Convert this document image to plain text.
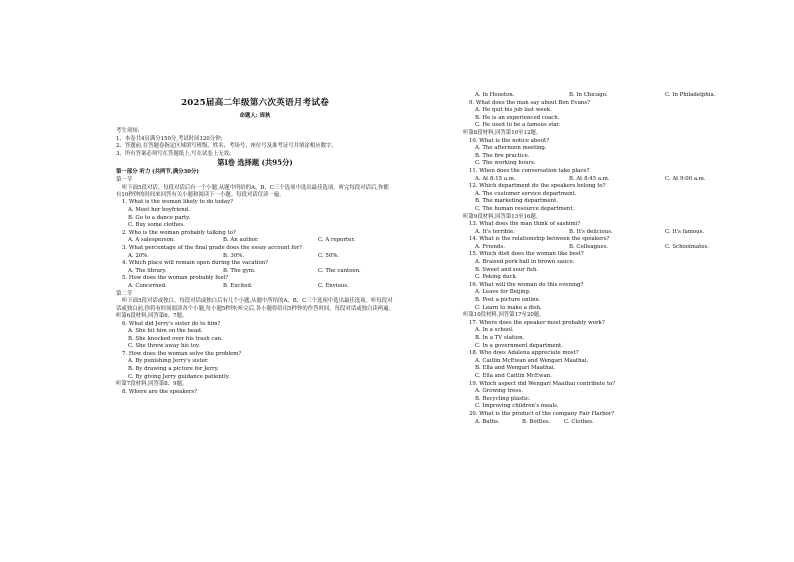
2025届高二年级第六次英语月考试卷
命题人: 周秋
考生须知:
1、本卷共4页满分150分,考试时间120分钟;
2、答题前,在答题卷指定区域填写班级、姓名、考场号、座位号及准考证号并填涂相应数字。
3、所有答案必须写在答题纸上,写在试卷上无效;
第Ⅰ卷 选择题 (共95分)
第一部分 听力 (共两节,满分30分)
第一节
听下面5段对话。每段对话后有一个小题,从题中所给的A、B、C三个选项中选出最佳选项。听完每段对话后,你都有10秒钟的时间来回答有关小题和阅读下一小题。每段对话仅读一遍。
1. What is the woman likely to do today?
A. Meet her boyfriend.
B. Go to a dance party.
C. Buy some clothes.
2. Who is the woman probably talking to?
A. A salesperson.	B. An author.	C. A reporter.
3. What percentage of the final grade does the essay account for?
A. 20%.	B. 30%.	C. 50%.
4. Which place will remain open during the vacation?
A. The library.	B. The gym.	C. The canteen.
5. How does the woman probably feel?
A. Concerned.	B. Excited.	C. Envious.
第二节
听下面5段对话或独白。每段对话或独白后有几个小题,从题中所给的A、B、C三个选项中选出最佳选项。听每段对话或独白前,你将有时间阅读各个小题,每小题5秒钟;听完后,各小题将给出5秒钟的作答时间。每段对话或独白读两遍。
听第6段材料,回答第6、7题。
6. What did Jerry's sister do to him?
A. She hit him on the head.
B. She knocked over his trash can.
C. She threw away his toy.
7. How does the woman solve the problem?
A. By punishing Jerry's sister.
B. By drawing a picture for Jerry.
C. By giving Jerry guidance patiently.
听第7段材料,回答第8、9题。
8. Where are the speakers?
A. In Houston.	B. In Chicago.	C. In Philadelphia.
9. What does the man say about Ben Evans?
A. He quit his job last week.
B. He is an experienced coach.
C. He used to be a famous star.
听第8段材料,回答第10至12题。
10. What is the notice about?
A. The afternoon meeting.
B. The fire practice.
C. The working hours.
11. When does the conversation take place?
A. At 8:15 a.m.	B. At 8:45 a.m.	C. At 9:00 a.m.
12. Which department do the speakers belong to?
A. The customer service department.
B. The marketing department.
C. The human resource department.
听第9段材料,回答第13至16题。
13. What does the man think of sashimi?
A. It's terrible.	B. It's delicious.	C. It's famous.
14. What is the relationship between the speakers?
A. Friends.	B. Colleagues.	C. Schoolmates.
15. Which dish does the woman like best?
A. Braised pork ball in brown sauce.
B. Sweet and sour fish.
C. Peking duck.
16. What will the woman do this evening?
A. Leave for Beijing.
B. Post a picture online.
C. Learn to make a dish.
听第10段材料,回答第17至20题。
17. Where does the speaker most probably work?
A. In a school.
B. In a TV station.
C. In a government department.
18. Who does Adalena appreciate most?
A. Caitlin McEwan and Wengari Maathai.
B. Ella and Wengari Maathai.
C. Ella and Caitlin McEwan.
19. Which aspect did Wengari Maathai contribute to?
A. Growing trees.
B. Recycling plastic.
C. Improving children's meals.
20. What is the product of the company Fair Harbor?
A. Baths.	B. Bottles.	C. Clothes.
